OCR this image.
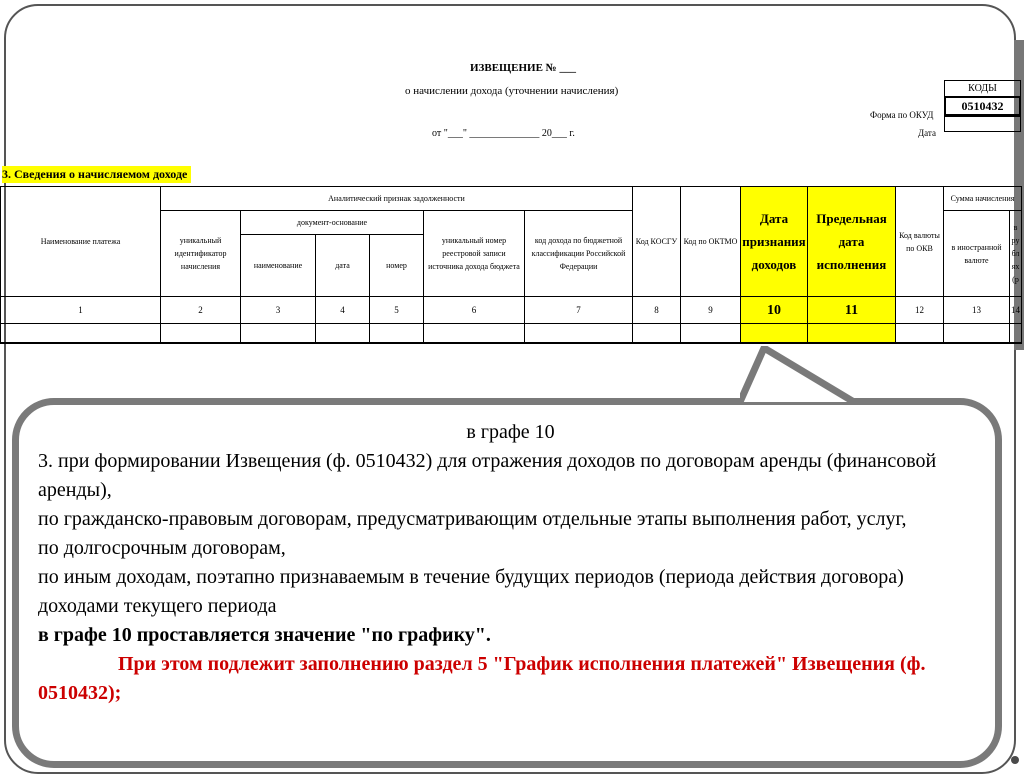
ИЗВЕЩЕНИЕ № ___
о начислении дохода (уточнении начисления)
от "___" ______________ 20___ г.
Форма по ОКУД
Дата
КОДЫ
0510432
3. Сведения о начисляемом доходе
Наименование платежа	Аналитический признак задолженности						Код КОСГУ	Код по ОКТМО	Дата признания доходов	Предельная дата исполнения	Код валюты по ОКВ	Сумма начисления	
	уникальный идентификатор начисления	документ-основание			уникальный номер реестровой записи источника дохода бюджета	код дохода по бюджетной классификации Российской Федерации						в иностранной валюте	в ру бл ях (р
		наименование	дата	номер									
1	2	3	4	5	6	7	8	9	10	11	12	13	14

в графе 10

3. при формировании Извещения (ф. 0510432) для отражения доходов по договорам аренды (финансовой аренды),

по гражданско-правовым договорам, предусматривающим отдельные этапы выполнения работ, услуг,

по долгосрочным договорам,

по иным доходам, поэтапно признаваемым в течение будущих периодов (периода действия договора) доходами текущего периода

в графе 10 проставляется значение "по графику".

При этом подлежит заполнению раздел 5 "График исполнения платежей" Извещения (ф. 0510432);
